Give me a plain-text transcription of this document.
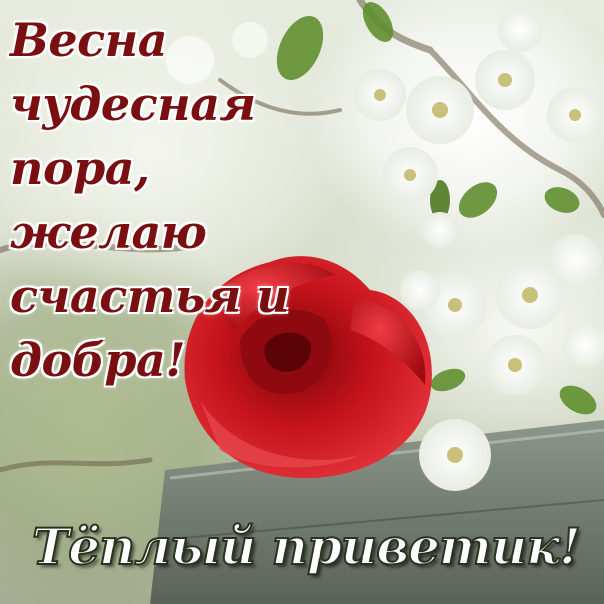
Весна
чудесная
пора, желаю
счастья и
добра!
Тёплый приветик!
